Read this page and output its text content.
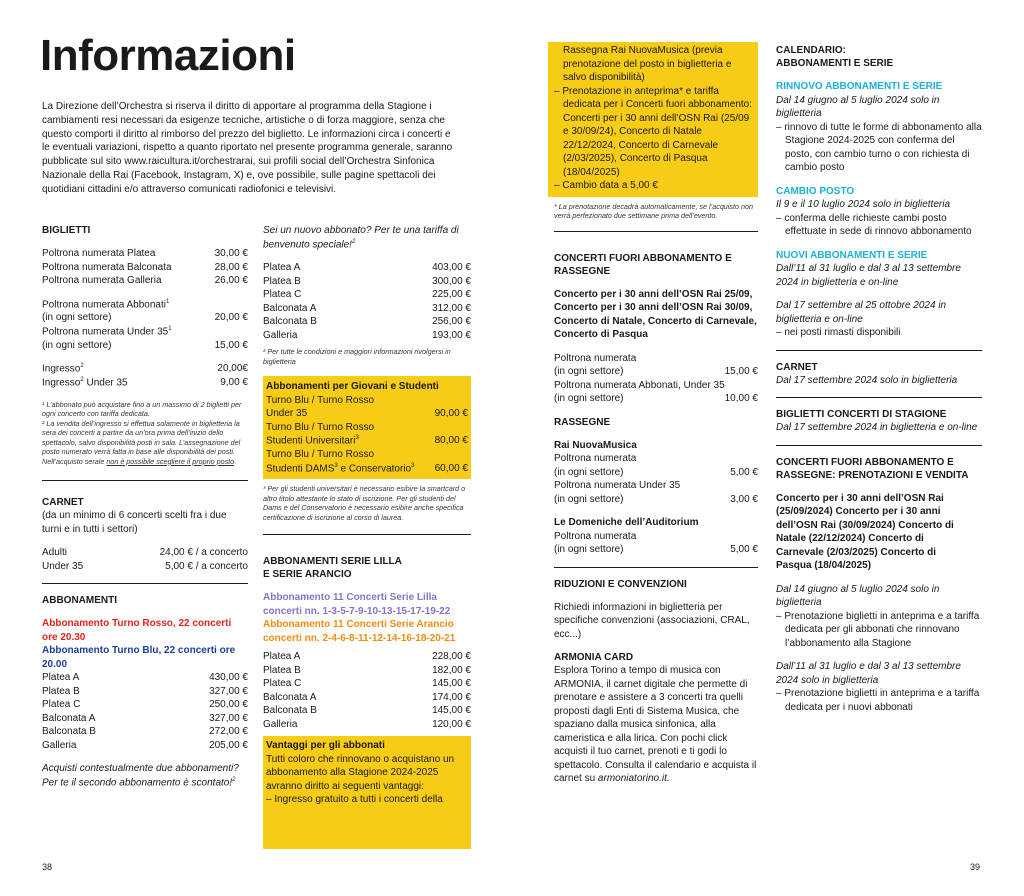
Informazioni

La Direzione dell’Orchestra si riserva il diritto di apportare al programma della Stagione i cambiamenti resi necessari da esigenze tecniche, artistiche o di forza maggiore, senza che questo comporti il diritto al rimborso del prezzo del biglietto. Le informazioni circa i concerti e le eventuali variazioni, rispetto a quanto riportato nel presente programma generale, saranno pubblicate sul sito www.raicultura.it/orchestrarai, sui profili social dell’Orchestra Sinfonica Nazionale della Rai (Facebook, Instagram, X) e, ove possibile, sulle pagine spettacoli dei quotidiani cittadini e/o attraverso comunicati radiofonici e televisivi.

BIGLIETTI

Poltrona numerata Platea	30,00 €
Poltrona numerata Balconata	28,00 €
Poltrona numerata Galleria	26,00 €
Poltrona numerata Abbonati$^1$
(in ogni settore)	20,00 €
Poltrona numerata Under $35^1$
(in ogni settore)	15,00 €
Ingresso$^2$	20,00€
Ingresso$^2$ Under 35	9,00 €
¹ L’abbonato può acquistare fino a un massimo di 2 biglietti per ogni concerto con tariffa dedicata.
² La vendita dell’ingresso si effettua solamente in biglietteria la sera dei concerti a partire da un’ora prima dell’inizio dello spettacolo, salvo disponibilità posti in sala. L’assegnazione del posto numerato verrà fatta in base alle disponibilità dei posti. Nell’acquisto serale non è possibile scegliere il proprio posto.

CARNET

(da un minimo di 6 concerti scelti fra i due turni e in tutti i settori)
Adulti	24,00 € / a concerto
Under 35	5,00 € / a concerto

ABBONAMENTI

Abbonamento Turno Rosso, 22 concerti ore 20.30
Abbonamento Turno Blu, 22 concerti ore 20.00
Platea A	430,00 €
Platea B	327,00 €
Platea C	250,00 €
Balconata A	327,00 €
Balconata B	272,00 €
Galleria	205,00 €
Acquisti contestualmente due abbonamenti? Per te il secondo abbonamento è scontato!$^2$
Sei un nuovo abbonato? Per te una tariffa di benvenuto speciale!$^2$
Platea A	403,00 €
Platea B	300,00 €
Platea C	225,00 €
Balconata A	312,00 €
Balconata B	256,00 €
Galleria	193,00 €
² Per tutte le condizioni e maggiori informazioni rivolgersi in biglietteria
Abbonamenti per Giovani e Studenti
Turno Blu / Turno Rosso
Under 35	90,00 €
Turno Blu / Turno Rosso
Studenti Universitari$^3$	80,00 €
Turno Blu / Turno Rosso
Studenti DAMS$^3$ e Conservatorio$^3$ 60,00 €
³ Per gli studenti universitari è necessario esibire la smartcard o altro titolo attestante lo stato di iscrizione. Per gli studenti del Dams e del Conservatorio è necessario esibire anche specifica certificazione di iscrizione al corso di laurea.

ABBONAMENTI SERIE LILLA

E SERIE ARANCIO

Abbonamento 11 Concerti Serie Lilla
concerti nn. 1-3-5-7-9-10-13-15-17-19-22
Abbonamento 11 Concerti Serie Arancio
concerti nn. 2-4-6-8-11-12-14-16-18-20-21
Platea A	228,00 €
Platea B	182,00 €
Platea C	145,00 €
Balconata A	174,00 €
Balconata B	145,00 €
Galleria	120,00 €
Vantaggi per gli abbonati
Tutti coloro che rinnovano o acquistano un abbonamento alla Stagione 2024-2025 avranno diritto ai seguenti vantaggi:
– Ingresso gratuito a tutti i concerti della
Rassegna Rai NuovaMusica (previa prenotazione del posto in biglietteria e salvo disponibilità)
– Prenotazione in anteprima* e tariffa dedicata per i Concerti fuori abbonamento: Concerti per i 30 anni dell’OSN Rai (25/09 e 30/09/24), Concerto di Natale 22/12/2024, Concerto di Carnevale (2/03/2025), Concerto di Pasqua (18/04/2025)
– Cambio data a 5,00 €
* La prenotazione decadrà automaticamente, se l’acquisto non verrà perfezionato due settimane prima dell’evento.

CONCERTI FUORI ABBONAMENTO E RASSEGNE

Concerto per i 30 anni dell’OSN Rai 25/09, Concerto per i 30 anni dell’OSN Rai 30/09, Concerto di Natale, Concerto di Carnevale, Concerto di Pasqua
Poltrona numerata
(in ogni settore)	15,00 €
Poltrona numerata Abbonati, Under 35
(in ogni settore)	10,00 €

RASSEGNE

Rai NuovaMusica
Poltrona numerata
(in ogni settore)	5,00 €
Poltrona numerata Under 35
(in ogni settore)	3,00 €
Le Domeniche dell’Auditorium
Poltrona numerata
(in ogni settore)	5,00 €

RIDUZIONI E CONVENZIONI

Richiedi informazioni in biglietteria per specifiche convenzioni (associazioni, CRAL, ecc...)

ARMONIA CARD

Esplora Torino a tempo di musica con ARMONIA, il carnet digitale che permette di prenotare e assistere a 3 concerti tra quelli proposti dagli Enti di Sistema Musica, che spaziano dalla musica sinfonica, alla cameristica e alla lirica. Con pochi click acquisti il tuo carnet, prenoti e ti godi lo spettacolo. Consulta il calendario e acquista il carnet su armoniatorino.it.

CALENDARIO:

ABBONAMENTI E SERIE

RINNOVO ABBONAMENTI E SERIE
Dal 14 giugno al 5 luglio 2024 solo in biglietteria
– rinnovo di tutte le forme di abbonamento alla Stagione 2024-2025 con conferma del posto, con cambio turno o con richiesta di cambio posto
CAMBIO POSTO
Il 9 e il 10 luglio 2024 solo in biglietteria
– conferma delle richieste cambi posto effettuate in sede di rinnovo abbonamento
NUOVI ABBONAMENTI E SERIE
Dall’11 al 31 luglio e dal 3 al 13 settembre 2024 in biglietteria e on-line
Dal 17 settembre al 25 ottobre 2024 in biglietteria e on-line
– nei posti rimasti disponibili

CARNET

Dal 17 settembre 2024 solo in biglietteria

BIGLIETTI CONCERTI DI STAGIONE

Dal 17 settembre 2024 in biglietteria e on-line

CONCERTI FUORI ABBONAMENTO E

RASSEGNE: PRENOTAZIONI E VENDITA

Concerto per i 30 anni dell’OSN Rai (25/09/2024) Concerto per i 30 anni dell’OSN Rai (30/09/2024) Concerto di Natale (22/12/2024) Concerto di Carnevale (2/03/2025) Concerto di Pasqua (18/04/2025)
Dal 14 giugno al 5 luglio 2024 solo in biglietteria
– Prenotazione biglietti in anteprima e a tariffa dedicata per gli abbonati che rinnovano l’abbonamento alla Stagione
Dall’11 al 31 luglio e dal 3 al 13 settembre 2024 solo in biglietteria
– Prenotazione biglietti in anteprima e a tariffa dedicata per i nuovi abbonati
38	39
